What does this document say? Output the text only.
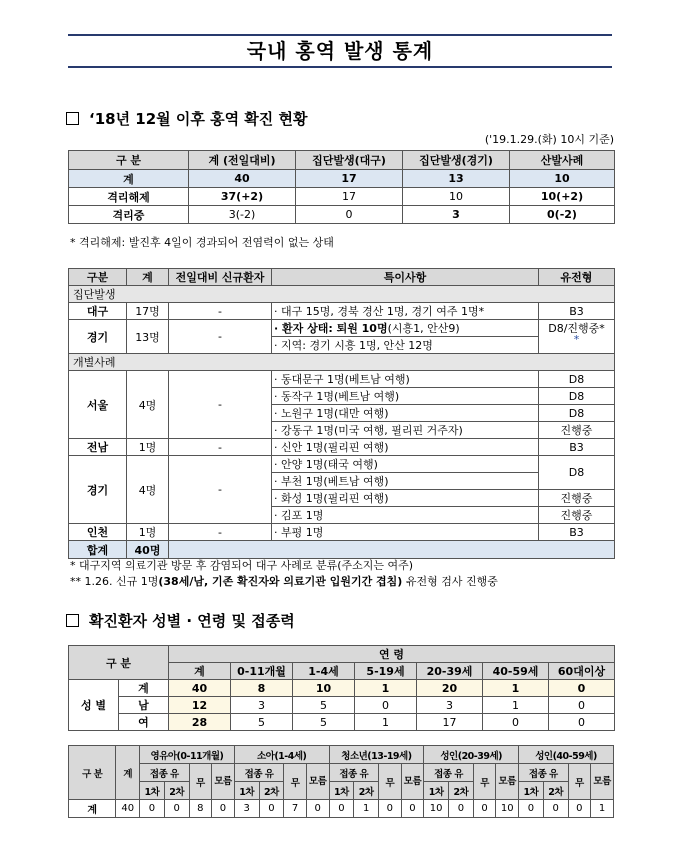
국내 홍역 발생 통계
‘18년 12월 이후 홍역 확진 현황
('19.1.29.(화) 10시 기준)
구 분	계 (전일대비)	집단발생(대구)	집단발생(경기)	산발사례
계	40	17	13	10
격리해제	37(+2)	17	10	10(+2)
격리중	3(-2)	0	3	0(-2)
* 격리해제: 발진후 4일이 경과되어 전염력이 없는 상태
구분	계	전일대비 신규환자	특이사항	유전형
집단발생				
대구	17명	-	· 대구 15명, 경북 경산 1명, 경기 여주 1명*	B3
경기	13명	-	· 환자 상태: 퇴원 10명(시흥1, 안산9)	D8/진행중*
*

			· 지역: 경기 시흥 1명, 안산 12명	
개별사례				
서울	4명	-	· 동대문구 1명(베트남 여행)	D8
			· 동작구 1명(베트남 여행)	D8
			· 노원구 1명(대만 여행)	D8
			· 강동구 1명(미국 여행, 필리핀 거주자)	진행중
전남	1명	-	· 신안 1명(필리핀 여행)	B3
경기	4명	-	· 안양 1명(태국 여행)	D8
			· 부천 1명(베트남 여행)	
			· 화성 1명(필리핀 여행)	진행중
			· 김포 1명	진행중
인천	1명	-	· 부평 1명	B3
합계	40명			
* 대구지역 의료기관 방문 후 감염되어 대구 사례로 분류(주소지는 여주)
** 1.26. 신규 1명(38세/남, 기존 확진자와 의료기관 입원기간 겹침) 유전형 검사 진행중
확진환자 성별 · 연령 및 접종력
구 분		연 령						
		계	0-11개월	1-4세	5-19세	20-39세	40-59세	60대이상
성 별	계	40	8	10	1	20	1	0
	남	12	3	5	0	3	1	0
	여	28	5	5	1	17	0	0
구 분	계	영유아(0-11개월)				소아(1-4세)				청소년(13-19세)				성인(20-39세)				성인(40-59세)			
		접종 유		무	모름	접종 유		무	모름	접종 유		무	모름	접종 유		무	모름	접종 유		무	모름
		1차	2차			1차	2차			1차	2차			1차	2차			1차	2차		
계	40	0	0	8	0	3	0	7	0	0	1	0	0	10	0	0	10	0	0	0	1
